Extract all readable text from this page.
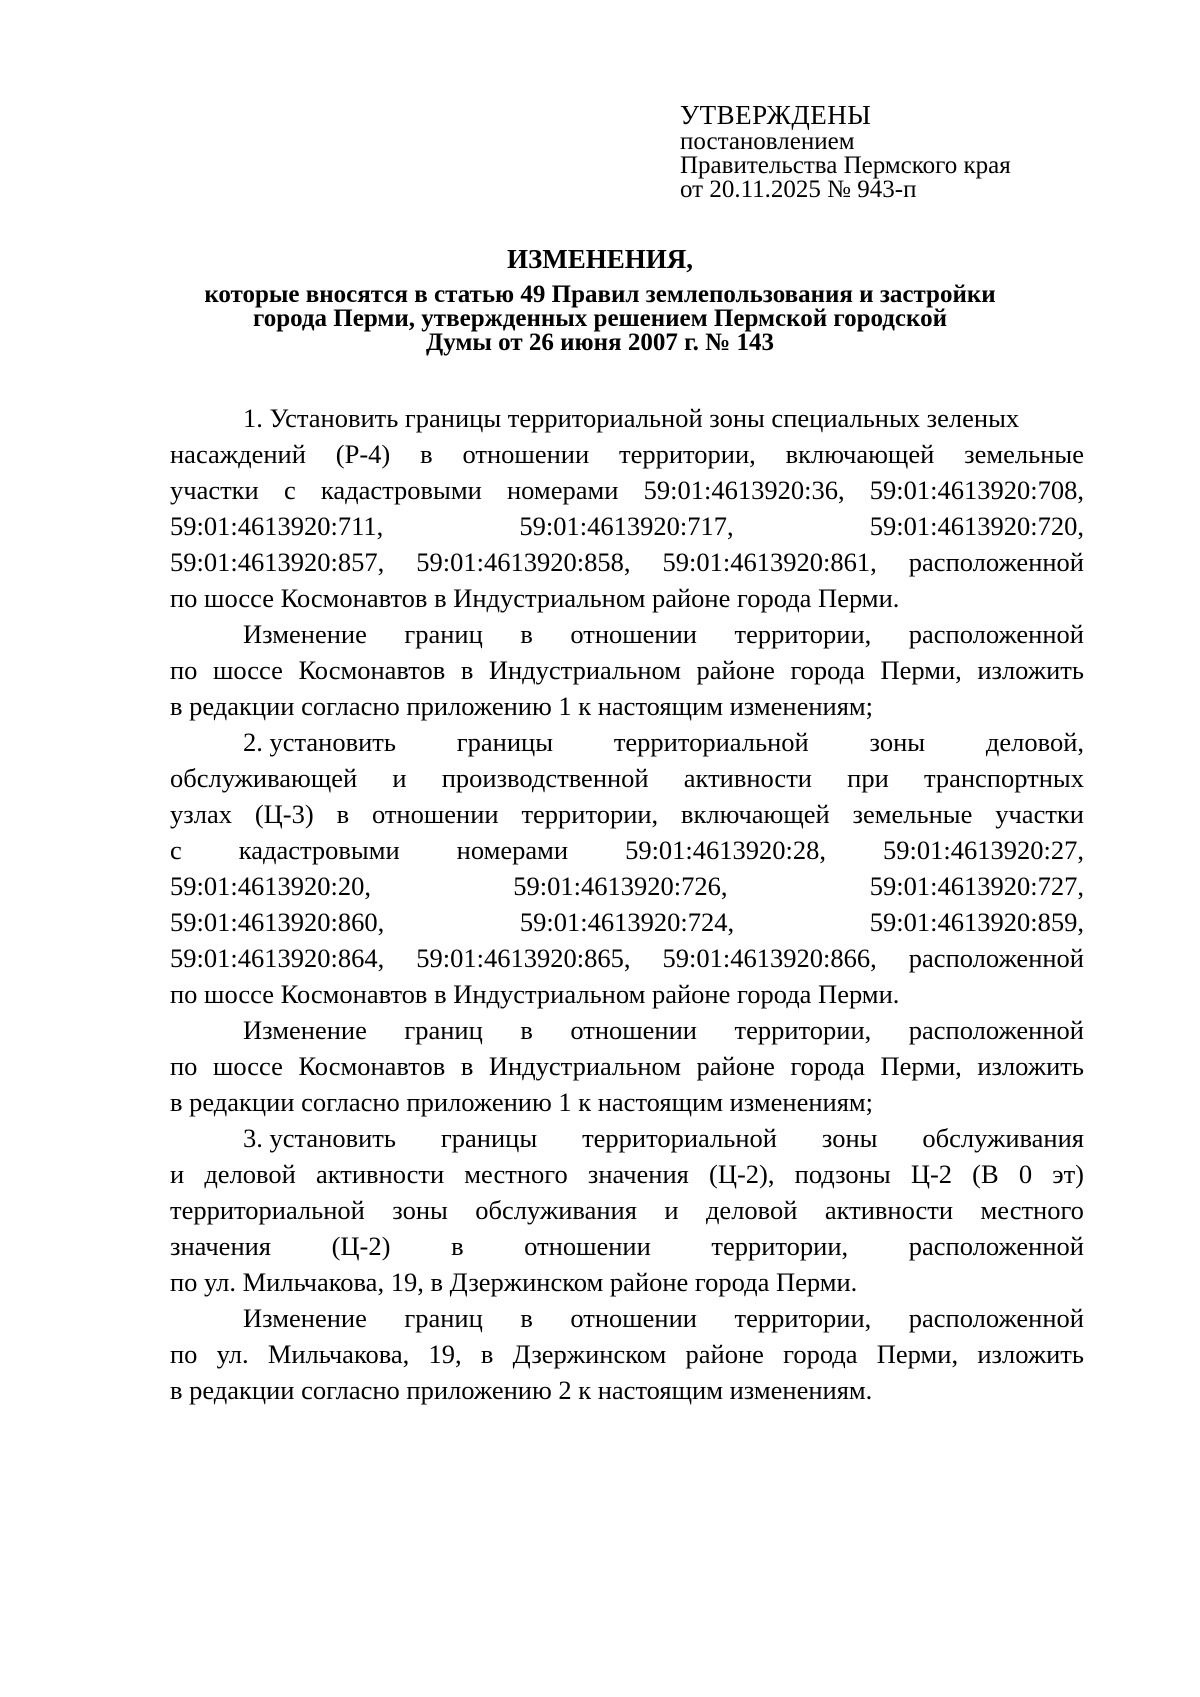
УТВЕРЖДЕНЫ
постановлением
Правительства Пермского края
от 20.11.2025 № 943-п
ИЗМЕНЕНИЯ,
которые вносятся в статью 49 Правил землепользования и застройки
города Перми, утвержденных решением Пермской городской
Думы от 26 июня 2007 г. № 143
1. Установить границы территориальной зоны специальных зеленых
насаждений (Р-4) в отношении территории, включающей земельные
участки с кадастровыми номерами 59:01:4613920:36, 59:01:4613920:708,
59:01:4613920:711,	59:01:4613920:717,	59:01:4613920:720,
59:01:4613920:857, 59:01:4613920:858, 59:01:4613920:861, расположенной
по шоссе Космонавтов в Индустриальном районе города Перми.
Изменение границ в отношении территории, расположенной
по шоссе Космонавтов в Индустриальном районе города Перми, изложить
в редакции согласно приложению 1 к настоящим изменениям;
2. установить границы территориальной зоны деловой,
обслуживающей и производственной активности при транспортных
узлах (Ц-3) в отношении территории, включающей земельные участки
с кадастровыми номерами 59:01:4613920:28, 59:01:4613920:27,
59:01:4613920:20,	59:01:4613920:726,	59:01:4613920:727,
59:01:4613920:860,	59:01:4613920:724,	59:01:4613920:859,
59:01:4613920:864, 59:01:4613920:865, 59:01:4613920:866, расположенной
по шоссе Космонавтов в Индустриальном районе города Перми.
Изменение границ в отношении территории, расположенной
по шоссе Космонавтов в Индустриальном районе города Перми, изложить
в редакции согласно приложению 1 к настоящим изменениям;
3. установить границы территориальной зоны обслуживания
и деловой активности местного значения (Ц-2), подзоны Ц-2 (В 0 эт)
территориальной зоны обслуживания и деловой активности местного
значения (Ц-2) в отношении территории, расположенной
по ул. Мильчакова, 19, в Дзержинском районе города Перми.
Изменение границ в отношении территории, расположенной
по ул. Мильчакова, 19, в Дзержинском районе города Перми, изложить
в редакции согласно приложению 2 к настоящим изменениям.
